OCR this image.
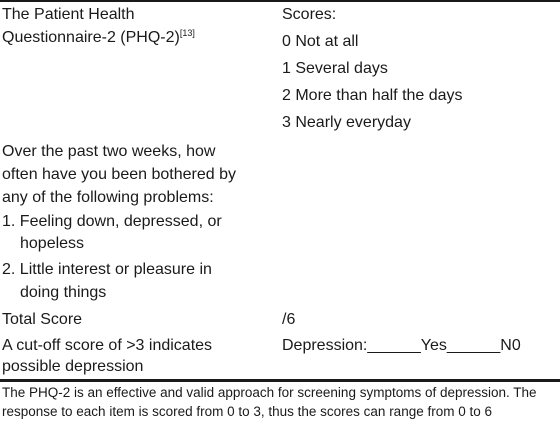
The Patient Health
Questionnaire-2 (PHQ-2)[13]
Scores:
0 Not at all
1 Several days
2 More than half the days
3 Nearly everyday
Over the past two weeks, how
often have you been bothered by
any of the following problems:
1. Feeling down, depressed, or
hopeless
2. Little interest or pleasure in
doing things
Total Score	/6
A cut-off score of >3 indicates
possible depression
Depression:______Yes______N0
The PHQ-2 is an effective and valid approach for screening symptoms of depression. The response to each item is scored from 0 to 3, thus the scores can range from 0 to 6
